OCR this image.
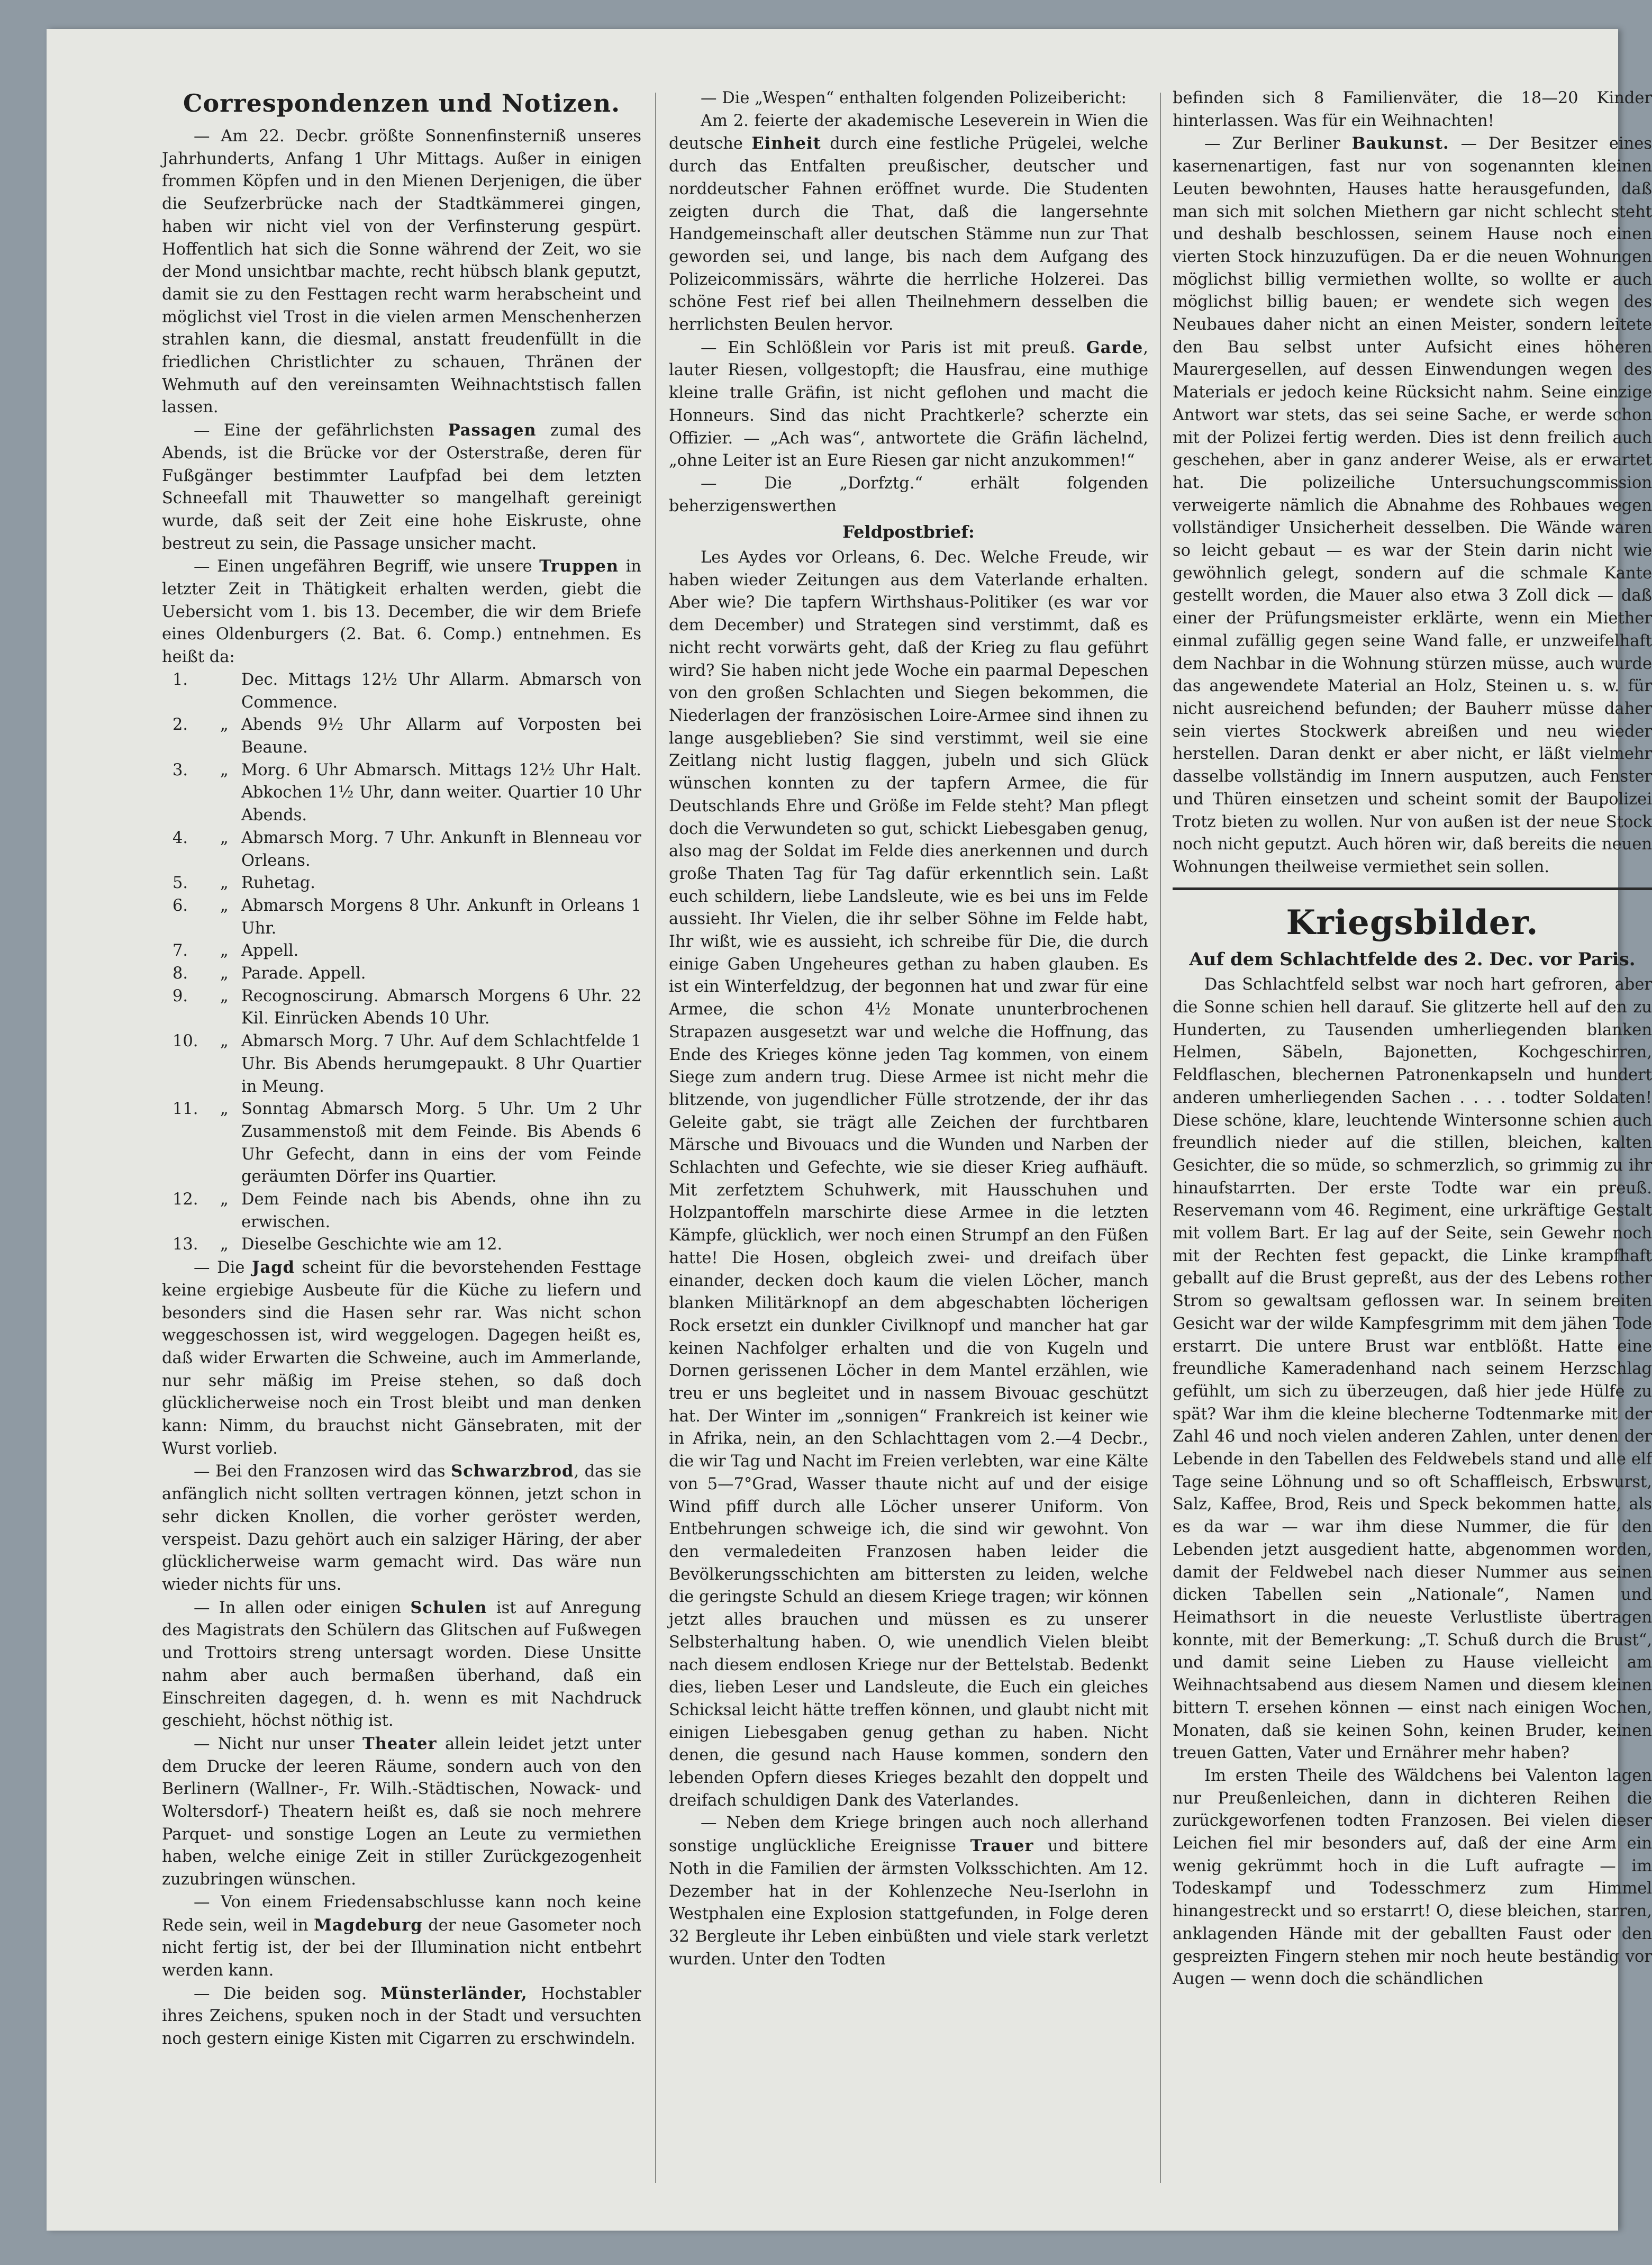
Correspondenzen und Notizen.

— Am 22. Decbr. größte Sonnenfinsterniß unseres Jahrhunderts, Anfang 1 Uhr Mittags. Außer in einigen frommen Köpfen und in den Mienen Derjenigen, die über die Seufzerbrücke nach der Stadtkämmerei gingen, haben wir nicht viel von der Verfinsterung gespürt. Hoffentlich hat sich die Sonne während der Zeit, wo sie der Mond unsichtbar machte, recht hübsch blank geputzt, damit sie zu den Festtagen recht warm herabscheint und möglichst viel Trost in die vielen armen Menschenherzen strahlen kann, die diesmal, anstatt freudenfüllt in die friedlichen Christlichter zu schauen, Thränen der Wehmuth auf den vereinsamten Weihnachtstisch fallen lassen.

— Eine der gefährlichsten Passagen zumal des Abends, ist die Brücke vor der Osterstraße, deren für Fußgänger bestimmter Laufpfad bei dem letzten Schneefall mit Thauwetter so mangelhaft gereinigt wurde, daß seit der Zeit eine hohe Eiskruste, ohne bestreut zu sein, die Passage unsicher macht.

— Einen ungefähren Begriff, wie unsere Truppen in letzter Zeit in Thätigkeit erhalten werden, giebt die Uebersicht vom 1. bis 13. December, die wir dem Briefe eines Oldenburgers (2. Bat. 6. Comp.) entnehmen. Es heißt da:

1.	Dec. Mittags 12½ Uhr Allarm. Abmarsch von Commence.
2.	„ Abends 9½ Uhr Allarm auf Vorposten bei Beaune.
3.	„ Morg. 6 Uhr Abmarsch. Mittags 12½ Uhr Halt. Abkochen 1½ Uhr, dann weiter. Quartier 10 Uhr Abends.
4.	„ Abmarsch Morg. 7 Uhr. Ankunft in Blenneau vor Orleans.
5.	„ Ruhetag.
6.	„ Abmarsch Morgens 8 Uhr. Ankunft in Orleans 1 Uhr.
7.	„ Appell.
8.	„ Parade. Appell.
9.	„ Recognoscirung. Abmarsch Morgens 6 Uhr. 22 Kil. Einrücken Abends 10 Uhr.
10.	„ Abmarsch Morg. 7 Uhr. Auf dem Schlachtfelde 1 Uhr. Bis Abends herumgepaukt. 8 Uhr Quartier in Meung.
11.	„ Sonntag Abmarsch Morg. 5 Uhr. Um 2 Uhr Zusammenstoß mit dem Feinde. Bis Abends 6 Uhr Gefecht, dann in eins der vom Feinde geräumten Dörfer ins Quartier.
12.	„ Dem Feinde nach bis Abends, ohne ihn zu erwischen.
13.	„ Dieselbe Geschichte wie am 12.

— Die Jagd scheint für die bevorstehenden Festtage keine ergiebige Ausbeute für die Küche zu liefern und besonders sind die Hasen sehr rar. Was nicht schon weggeschossen ist, wird weggelogen. Dagegen heißt es, daß wider Erwarten die Schweine, auch im Ammerlande, nur sehr mäßig im Preise stehen, so daß doch glücklicherweise noch ein Trost bleibt und man denken kann: Nimm, du brauchst nicht Gänsebraten, mit der Wurst vorlieb.

— Bei den Franzosen wird das Schwarzbrod, das sie anfänglich nicht sollten vertragen können, jetzt schon in sehr dicken Knollen, die vorher gerösteт werden, verspeist. Dazu gehört auch ein salziger Häring, der aber glücklicherweise warm gemacht wird. Das wäre nun wieder nichts für uns.

— In allen oder einigen Schulen ist auf Anregung des Magistrats den Schülern das Glitschen auf Fußwegen und Trottoirs streng untersagt worden. Diese Unsitte nahm aber auch bermaßen überhand, daß ein Einschreiten dagegen, d. h. wenn es mit Nachdruck geschieht, höchst nöthig ist.

— Nicht nur unser Theater allein leidet jetzt unter dem Drucke der leeren Räume, sondern auch von den Berlinern (Wallner-, Fr. Wilh.-Städtischen, Nowack- und Woltersdorf-) Theatern heißt es, daß sie noch mehrere Parquet- und sonstige Logen an Leute zu vermiethen haben, welche einige Zeit in stiller Zurückgezogenheit zuzubringen wünschen.

— Von einem Friedensabschlusse kann noch keine Rede sein, weil in Magdeburg der neue Gasometer noch nicht fertig ist, der bei der Illumination nicht entbehrt werden kann.

— Die beiden sog. Münsterländer, Hochstabler ihres Zeichens, spuken noch in der Stadt und versuchten noch gestern einige Kisten mit Cigarren zu erschwindeln.

— Die „Wespen“ enthalten folgenden Polizeibericht:

Am 2. feierte der akademische Leseverein in Wien die deutsche Einheit durch eine festliche Prügelei, welche durch das Entfalten preußischer, deutscher und norddeutscher Fahnen eröffnet wurde. Die Studenten zeigten durch die That, daß die langersehnte Handgemeinschaft aller deutschen Stämme nun zur That geworden sei, und lange, bis nach dem Aufgang des Polizeicommissärs, währte die herrliche Holzerei. Das schöne Fest rief bei allen Theilnehmern desselben die herrlichsten Beulen hervor.

— Ein Schlößlein vor Paris ist mit preuß. Garde, lauter Riesen, vollgestopft; die Hausfrau, eine muthige kleine tralle Gräfin, ist nicht geflohen und macht die Honneurs. Sind das nicht Prachtkerle? scherzte ein Offizier. — „Ach was“, antwortete die Gräfin lächelnd, „ohne Leiter ist an Eure Riesen gar nicht anzukommen!“

— Die „Dorfztg.“ erhält folgenden beherzigenswerthen

Feldpostbrief:

Les Aydes vor Orleans, 6. Dec. Welche Freude, wir haben wieder Zeitungen aus dem Vaterlande erhalten. Aber wie? Die tapfern Wirthshaus-Politiker (es war vor dem December) und Strategen sind verstimmt, daß es nicht recht vorwärts geht, daß der Krieg zu flau geführt wird? Sie haben nicht jede Woche ein paarmal Depeschen von den großen Schlachten und Siegen bekommen, die Niederlagen der französischen Loire-Armee sind ihnen zu lange ausgeblieben? Sie sind verstimmt, weil sie eine Zeitlang nicht lustig flaggen, jubeln und sich Glück wünschen konnten zu der tapfern Armee, die für Deutschlands Ehre und Größe im Felde steht? Man pflegt doch die Verwundeten so gut, schickt Liebesgaben genug, also mag der Soldat im Felde dies anerkennen und durch große Thaten Tag für Tag dafür erkenntlich sein. Laßt euch schildern, liebe Landsleute, wie es bei uns im Felde aussieht. Ihr Vielen, die ihr selber Söhne im Felde habt, Ihr wißt, wie es aussieht, ich schreibe für Die, die durch einige Gaben Ungeheures gethan zu haben glauben. Es ist ein Winterfeldzug, der begonnen hat und zwar für eine Armee, die schon 4½ Monate ununterbrochenen Strapazen ausgesetzt war und welche die Hoffnung, das Ende des Krieges könne jeden Tag kommen, von einem Siege zum andern trug. Diese Armee ist nicht mehr die blitzende, von jugendlicher Fülle strotzende, der ihr das Geleite gabt, sie trägt alle Zeichen der furchtbaren Märsche und Bivouacs und die Wunden und Narben der Schlachten und Gefechte, wie sie dieser Krieg aufhäuft. Mit zerfetztem Schuhwerk, mit Hausschuhen und Holzpantoffeln marschirte diese Armee in die letzten Kämpfe, glücklich, wer noch einen Strumpf an den Füßen hatte! Die Hosen, obgleich zwei- und dreifach über einander, decken doch kaum die vielen Löcher, manch blanken Militärknopf an dem abgeschabten löcherigen Rock ersetzt ein dunkler Civilknopf und mancher hat gar keinen Nachfolger erhalten und die von Kugeln und Dornen gerissenen Löcher in dem Mantel erzählen, wie treu er uns begleitet und in nassem Bivouac geschützt hat. Der Winter im „sonnigen“ Frankreich ist keiner wie in Afrika, nein, an den Schlachttagen vom 2.—4 Decbr., die wir Tag und Nacht im Freien verlebten, war eine Kälte von 5—7°Grad, Wasser thaute nicht auf und der eisige Wind pfiff durch alle Löcher unserer Uniform. Von Entbehrungen schweige ich, die sind wir gewohnt. Von den vermaledeiten Franzosen haben leider die Bevölkerungsschichten am bittersten zu leiden, welche die geringste Schuld an diesem Kriege tragen; wir können jetzt alles brauchen und müssen es zu unserer Selbsterhaltung haben. O, wie unendlich Vielen bleibt nach diesem endlosen Kriege nur der Bettelstab. Bedenkt dies, lieben Leser und Landsleute, die Euch ein gleiches Schicksal leicht hätte treffen können, und glaubt nicht mit einigen Liebesgaben genug gethan zu haben. Nicht denen, die gesund nach Hause kommen, sondern den lebenden Opfern dieses Krieges bezahlt den doppelt und dreifach schuldigen Dank des Vaterlandes.

— Neben dem Kriege bringen auch noch allerhand sonstige unglückliche Ereignisse Trauer und bittere Noth in die Familien der ärmsten Volksschichten. Am 12. Dezember hat in der Kohlenzeche Neu-Iserlohn in Westphalen eine Explosion stattgefunden, in Folge deren 32 Bergleute ihr Leben einbüßten und viele stark verletzt wurden. Unter den Todten

befinden sich 8 Familienväter, die 18—20 Kinder hinterlassen. Was für ein Weihnachten!

— Zur Berliner Baukunst. — Der Besitzer eines kasernenartigen, fast nur von sogenannten kleinen Leuten bewohnten, Hauses hatte herausgefunden, daß man sich mit solchen Miethern gar nicht schlecht steht und deshalb beschlossen, seinem Hause noch einen vierten Stock hinzuzufügen. Da er die neuen Wohnungen möglichst billig vermiethen wollte, so wollte er auch möglichst billig bauen; er wendete sich wegen des Neubaues daher nicht an einen Meister, sondern leitete den Bau selbst unter Aufsicht eines höheren Maurergesellen, auf dessen Einwendungen wegen des Materials er jedoch keine Rücksicht nahm. Seine einzige Antwort war stets, das sei seine Sache, er werde schon mit der Polizei fertig werden. Dies ist denn freilich auch geschehen, aber in ganz anderer Weise, als er erwartet hat. Die polizeiliche Untersuchungscommission verweigerte nämlich die Abnahme des Rohbaues wegen vollständiger Unsicherheit desselben. Die Wände waren so leicht gebaut — es war der Stein darin nicht wie gewöhnlich gelegt, sondern auf die schmale Kante gestellt worden, die Mauer also etwa 3 Zoll dick — daß einer der Prüfungsmeister erklärte, wenn ein Miether einmal zufällig gegen seine Wand falle, er unzweifelhaft dem Nachbar in die Wohnung stürzen müsse, auch wurde das angewendete Material an Holz, Steinen u. s. w. für nicht ausreichend befunden; der Bauherr müsse daher sein viertes Stockwerk abreißen und neu wieder herstellen. Daran denkt er aber nicht, er läßt vielmehr dasselbe vollständig im Innern ausputzen, auch Fenster und Thüren einsetzen und scheint somit der Baupolizei Trotz bieten zu wollen. Nur von außen ist der neue Stock noch nicht geputzt. Auch hören wir, daß bereits die neuen Wohnungen theilweise vermiethet sein sollen.

Kriegsbilder.
Auf dem Schlachtfelde des 2. Dec. vor Paris.

Das Schlachtfeld selbst war noch hart gefroren, aber die Sonne schien hell darauf. Sie glitzerte hell auf den zu Hunderten, zu Tausenden umherliegenden blanken Helmen, Säbeln, Bajonetten, Kochgeschirren, Feldflaschen, blechernen Patronenkapseln und hundert anderen umherliegenden Sachen . . . . todter Soldaten! Diese schöne, klare, leuchtende Wintersonne schien auch freundlich nieder auf die stillen, bleichen, kalten Gesichter, die so müde, so schmerzlich, so grimmig zu ihr hinaufstarrten. Der erste Todte war ein preuß. Reservemann vom 46. Regiment, eine urkräftige Gestalt mit vollem Bart. Er lag auf der Seite, sein Gewehr noch mit der Rechten fest gepackt, die Linke krampfhaft geballt auf die Brust gepreßt, aus der des Lebens rother Strom so gewaltsam geflossen war. In seinem breiten Gesicht war der wilde Kampfesgrimm mit dem jähen Tode erstarrt. Die untere Brust war entblößt. Hatte eine freundliche Kameradenhand nach seinem Herzschlag gefühlt, um sich zu überzeugen, daß hier jede Hülfe zu spät? War ihm die kleine blecherne Todtenmarke mit der Zahl 46 und noch vielen anderen Zahlen, unter denen der Lebende in den Tabellen des Feldwebels stand und alle elf Tage seine Löhnung und so oft Schaffleisch, Erbswurst, Salz, Kaffee, Brod, Reis und Speck bekommen hatte, als es da war — war ihm diese Nummer, die für den Lebenden jetzt ausgedient hatte, abgenommen worden, damit der Feldwebel nach dieser Nummer aus seinen dicken Tabellen sein „Nationale“, Namen und Heimathsort in die neueste Verlustliste übertragen konnte, mit der Bemerkung: „T. Schuß durch die Brust“, und damit seine Lieben zu Hause vielleicht am Weihnachtsabend aus diesem Namen und diesem kleinen bittern T. ersehen können — einst nach einigen Wochen, Monaten, daß sie keinen Sohn, keinen Bruder, keinen treuen Gatten, Vater und Ernährer mehr haben?

Im ersten Theile des Wäldchens bei Valenton lagen nur Preußenleichen, dann in dichteren Reihen die zurückgeworfenen todten Franzosen. Bei vielen dieser Leichen fiel mir besonders auf, daß der eine Arm ein wenig gekrümmt hoch in die Luft aufragte — im Todeskampf und Todesschmerz zum Himmel hinangestreckt und so erstarrt! O, diese bleichen, starren, anklagenden Hände mit der geballten Faust oder den gespreizten Fingern stehen mir noch heute beständig vor Augen — wenn doch die schändlichen
